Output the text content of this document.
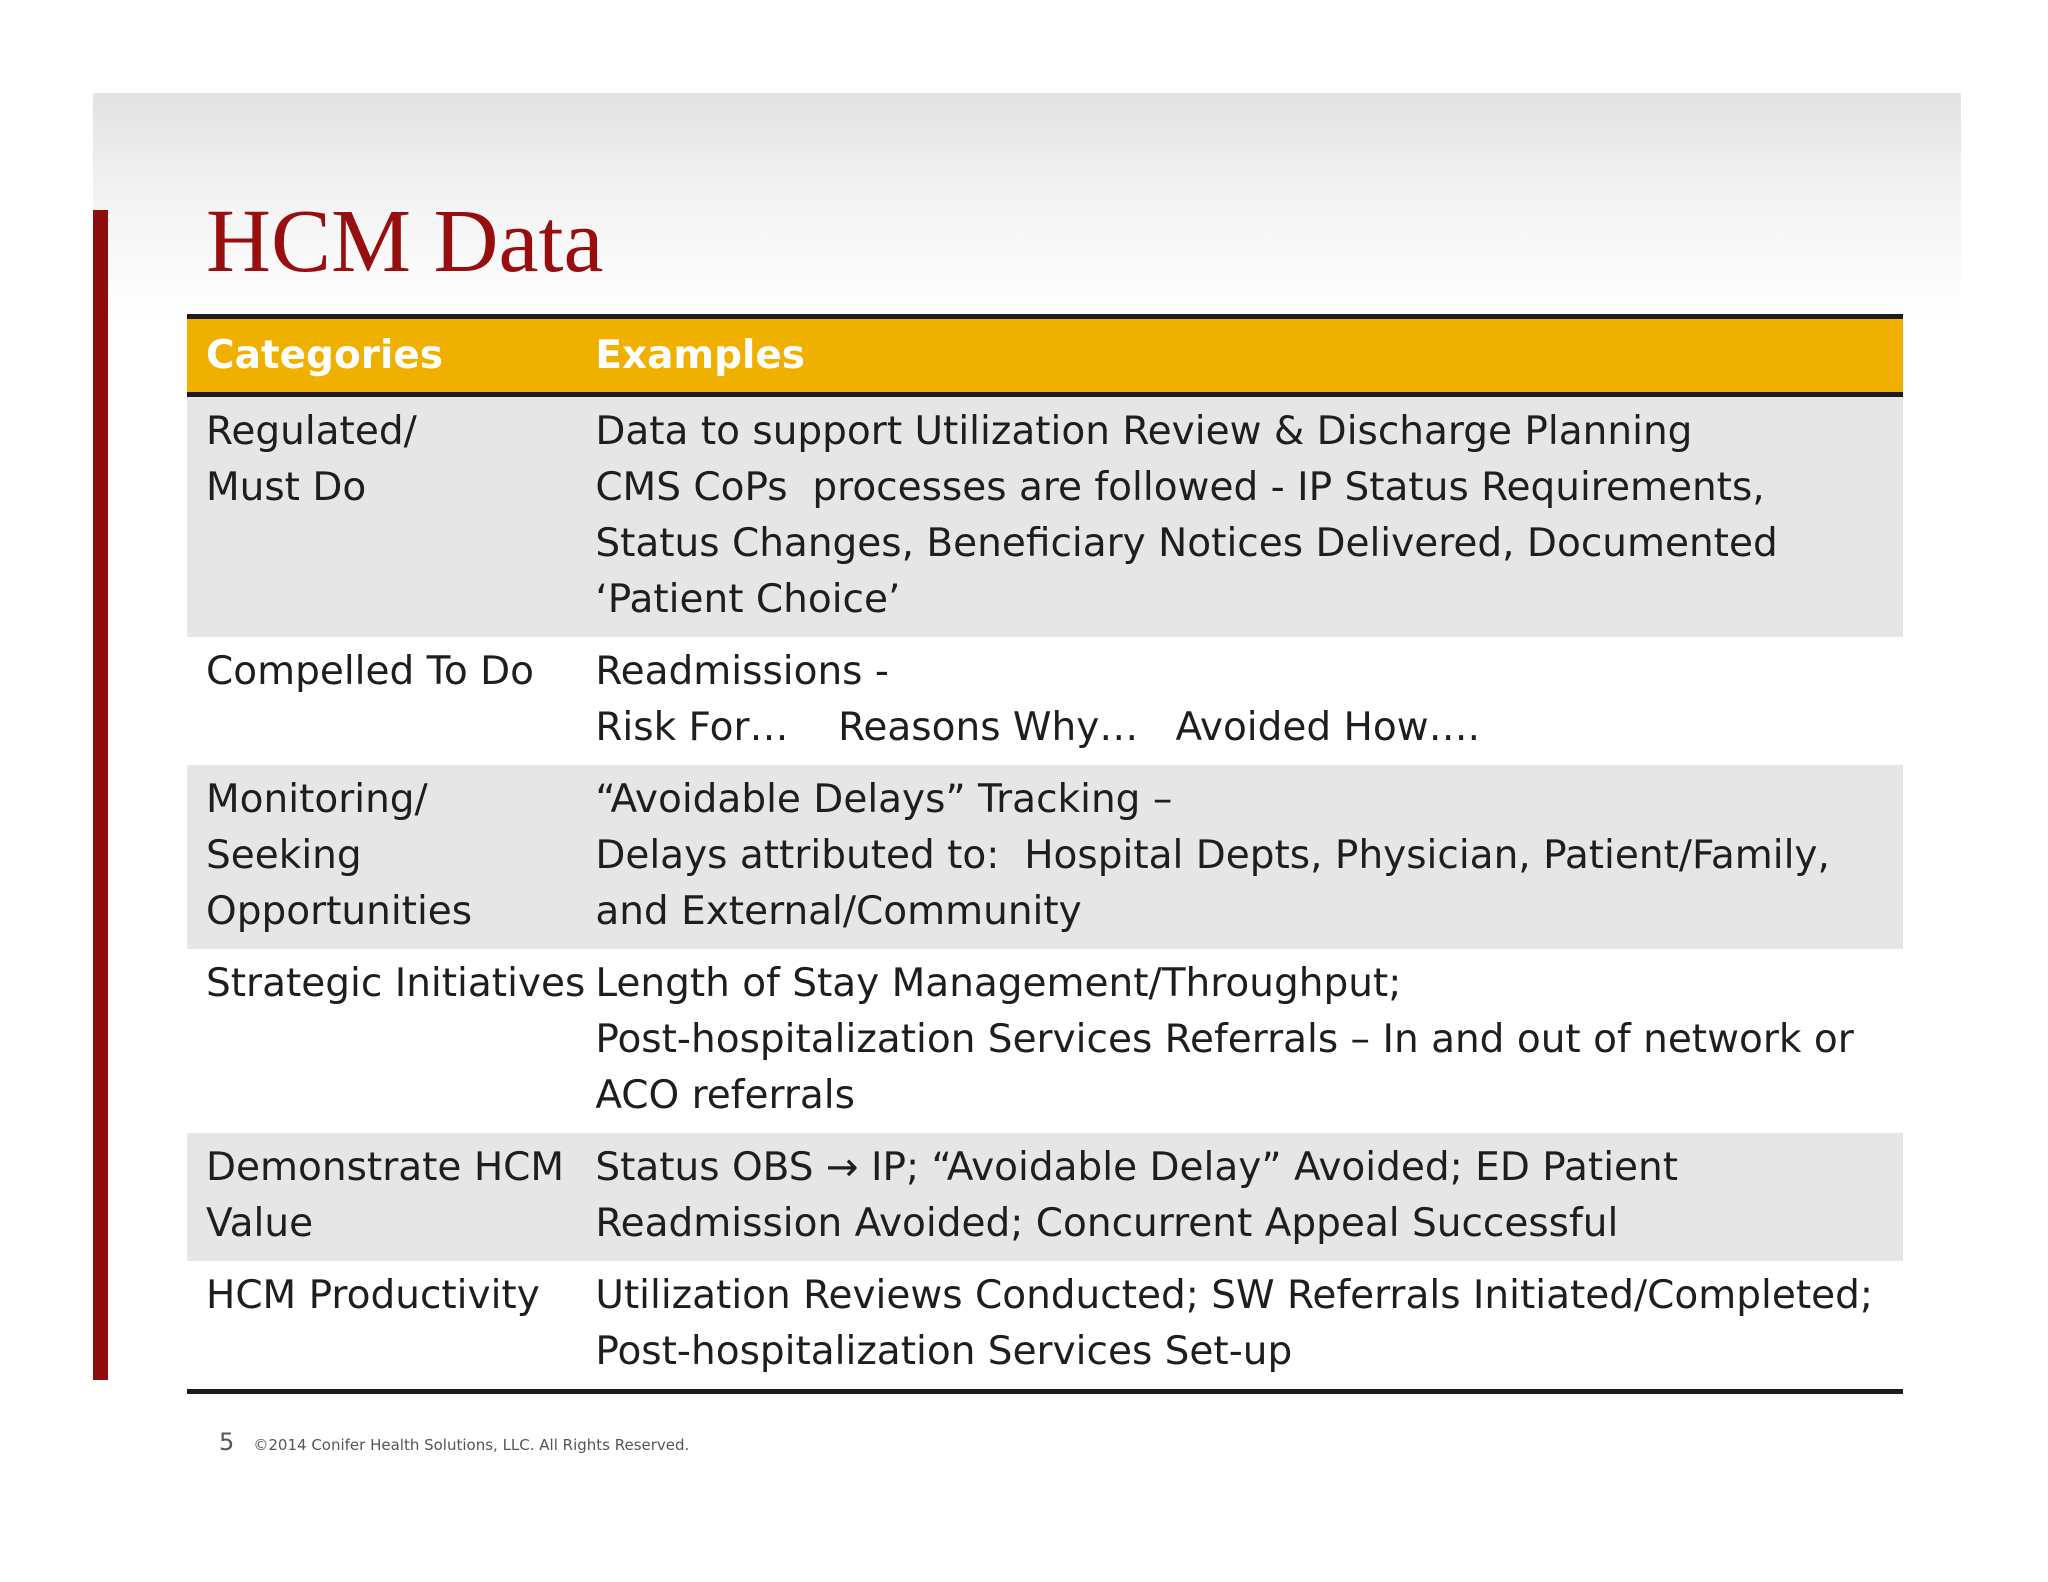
HCM Data
Categories	Examples

Regulated/
Must Do	Data to support Utilization Review & Discharge Planning
CMS CoPs  processes are followed - IP Status Requirements,
Status Changes, Beneficiary Notices Delivered, Documented
‘Patient Choice’

Compelled To Do	Readmissions -
Risk For…    Reasons Why…   Avoided How….

Monitoring/
Seeking
Opportunities	“Avoidable Delays” Tracking –
Delays attributed to:  Hospital Depts, Physician, Patient/Family,
and External/Community

Strategic Initiatives	Length of Stay Management/Throughput;
Post-hospitalization Services Referrals – In and out of network or
ACO referrals

Demonstrate HCM
Value	Status OBS → IP; “Avoidable Delay” Avoided; ED Patient
Readmission Avoided; Concurrent Appeal Successful

HCM Productivity	Utilization Reviews Conducted; SW Referrals Initiated/Completed;
Post-hospitalization Services Set-up
5 ©2014 Conifer Health Solutions, LLC. All Rights Reserved.
